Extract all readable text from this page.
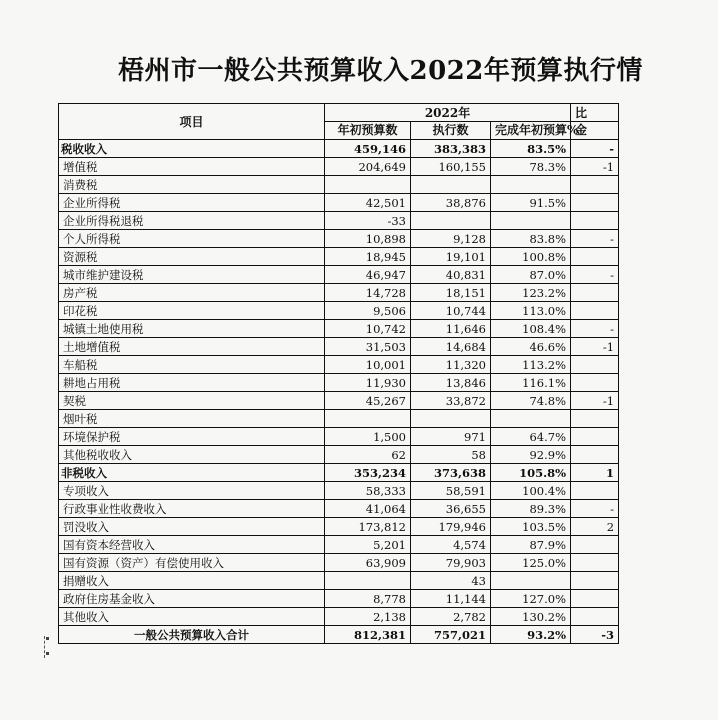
梧州市一般公共预算收入2022年预算执行情
项目	2022年			比
	年初预算数	执行数	完成年初预算%	金
税收收入	459,146	383,383	83.5%	-
增值税	204,649	160,155	78.3%	-1
消费税				
企业所得税	42,501	38,876	91.5%	
企业所得税退税	-33			
个人所得税	10,898	9,128	83.8%	-
资源税	18,945	19,101	100.8%	
城市维护建设税	46,947	40,831	87.0%	-
房产税	14,728	18,151	123.2%	
印花税	9,506	10,744	113.0%	
城镇土地使用税	10,742	11,646	108.4%	-
土地增值税	31,503	14,684	46.6%	-1
车船税	10,001	11,320	113.2%	
耕地占用税	11,930	13,846	116.1%	
契税	45,267	33,872	74.8%	-1
烟叶税				
环境保护税	1,500	971	64.7%	
其他税收收入	62	58	92.9%	
非税收入	353,234	373,638	105.8%	1
专项收入	58,333	58,591	100.4%	
行政事业性收费收入	41,064	36,655	89.3%	-
罚没收入	173,812	179,946	103.5%	2
国有资本经营收入	5,201	4,574	87.9%	
国有资源（资产）有偿使用收入	63,909	79,903	125.0%	
捐赠收入		43		
政府住房基金收入	8,778	11,144	127.0%	
其他收入	2,138	2,782	130.2%	
一般公共预算收入合计	812,381	757,021	93.2%	-3
